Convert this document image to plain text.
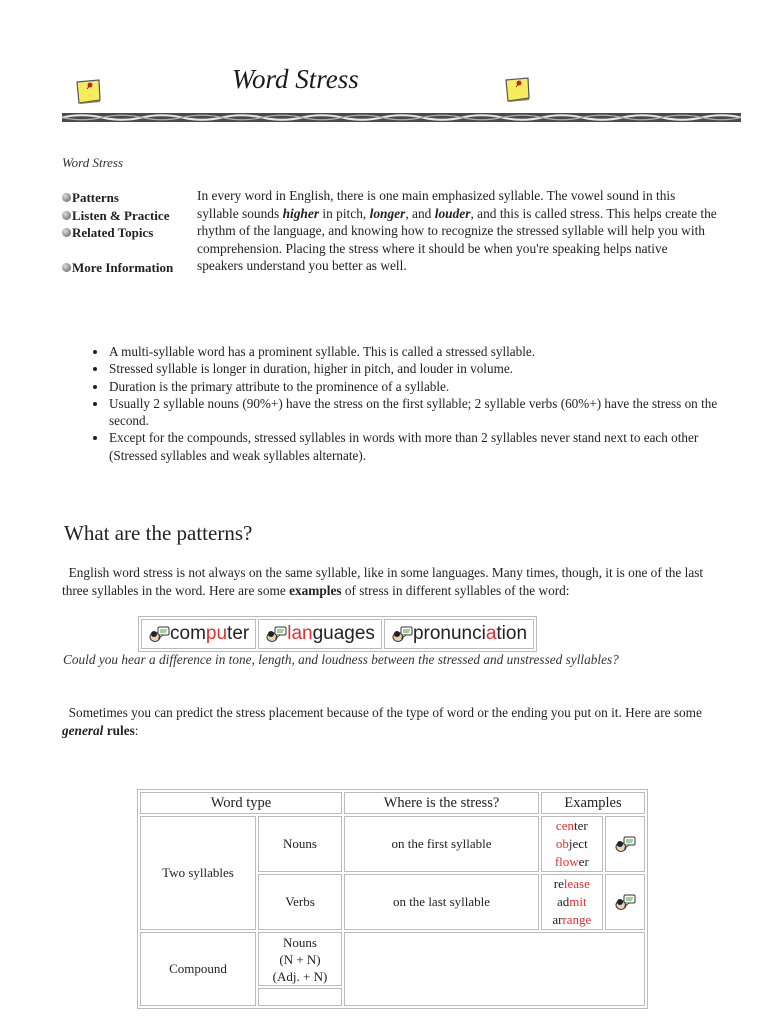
Word Stress
Word Stress
Patterns
Listen & Practice
Related Topics
More Information
In every word in English, there is one main emphasized syllable. The vowel sound in this syllable sounds higher in pitch, longer, and louder, and this is called stress. This helps create the rhythm of the language, and knowing how to recognize the stressed syllable will help you with comprehension. Placing the stress where it should be when you're speaking helps native speakers understand you better as well.
• A multi-syllable word has a prominent syllable. This is called a stressed syllable.
• Stressed syllable is longer in duration, higher in pitch, and louder in volume.
• Duration is the primary attribute to the prominence of a syllable.
• Usually 2 syllable nouns (90%+) have the stress on the first syllable; 2 syllable verbs (60%+) have the stress on the second.
• Except for the compounds, stressed syllables in words with more than 2 syllables never stand next to each other (Stressed syllables and weak syllables alternate).
What are the patterns?
English word stress is not always on the same syllable, like in some languages. Many times, though, it is one of the last three syllables in the word. Here are some examples of stress in different syllables of the word:
computer	languages	pronunciation
Could you hear a difference in tone, length, and loudness between the stressed and unstressed syllables?
Sometimes you can predict the stress placement because of the type of word or the ending you put on it. Here are some general rules:
Word type		Where is the stress?	Examples	
Two syllables	Nouns	on the first syllable	center
object
flower

	Verbs	on the last syllable	release
admit
arrange

Compound	Nouns
(N + N)
(Adj. + N)			
